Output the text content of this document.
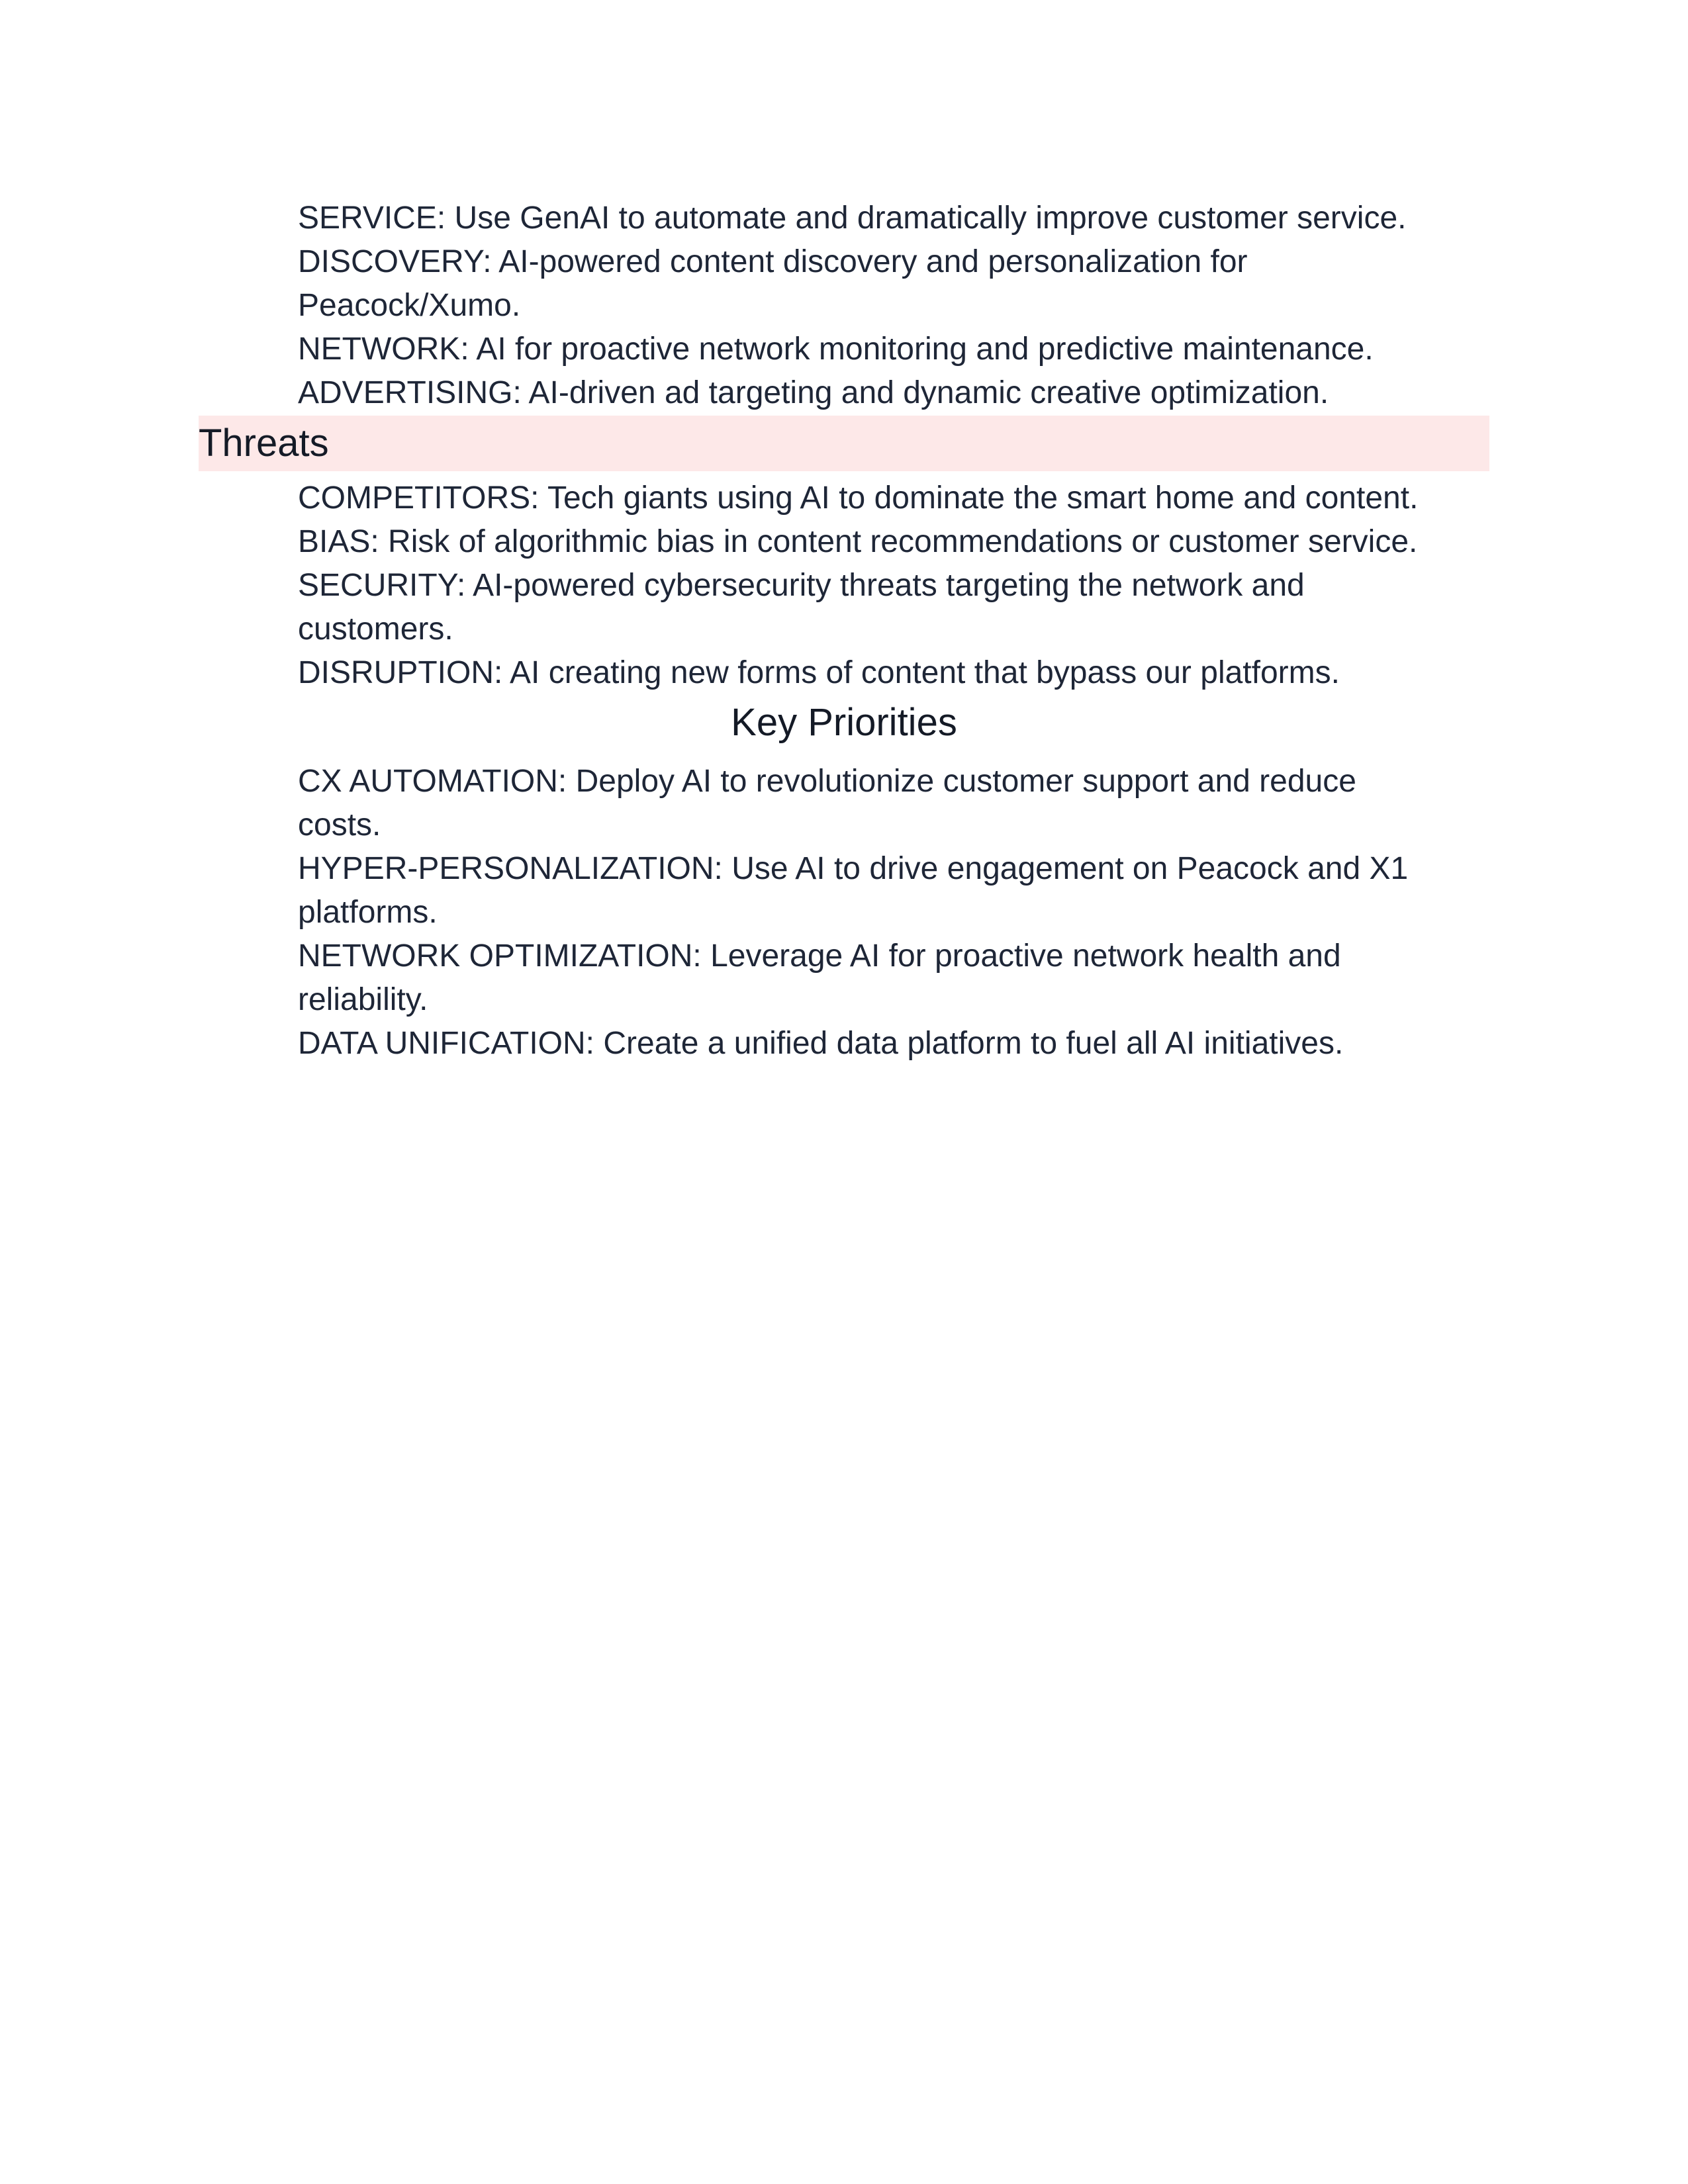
SERVICE: Use GenAI to automate and dramatically improve customer service.
DISCOVERY: AI-powered content discovery and personalization for Peacock/Xumo.
NETWORK: AI for proactive network monitoring and predictive maintenance.
ADVERTISING: AI-driven ad targeting and dynamic creative optimization.
Threats
COMPETITORS: Tech giants using AI to dominate the smart home and content.
BIAS: Risk of algorithmic bias in content recommendations or customer service.
SECURITY: AI-powered cybersecurity threats targeting the network and customers.
DISRUPTION: AI creating new forms of content that bypass our platforms.
Key Priorities
CX AUTOMATION: Deploy AI to revolutionize customer support and reduce costs.
HYPER-PERSONALIZATION: Use AI to drive engagement on Peacock and X1 platforms.
NETWORK OPTIMIZATION: Leverage AI for proactive network health and reliability.
DATA UNIFICATION: Create a unified data platform to fuel all AI initiatives.
